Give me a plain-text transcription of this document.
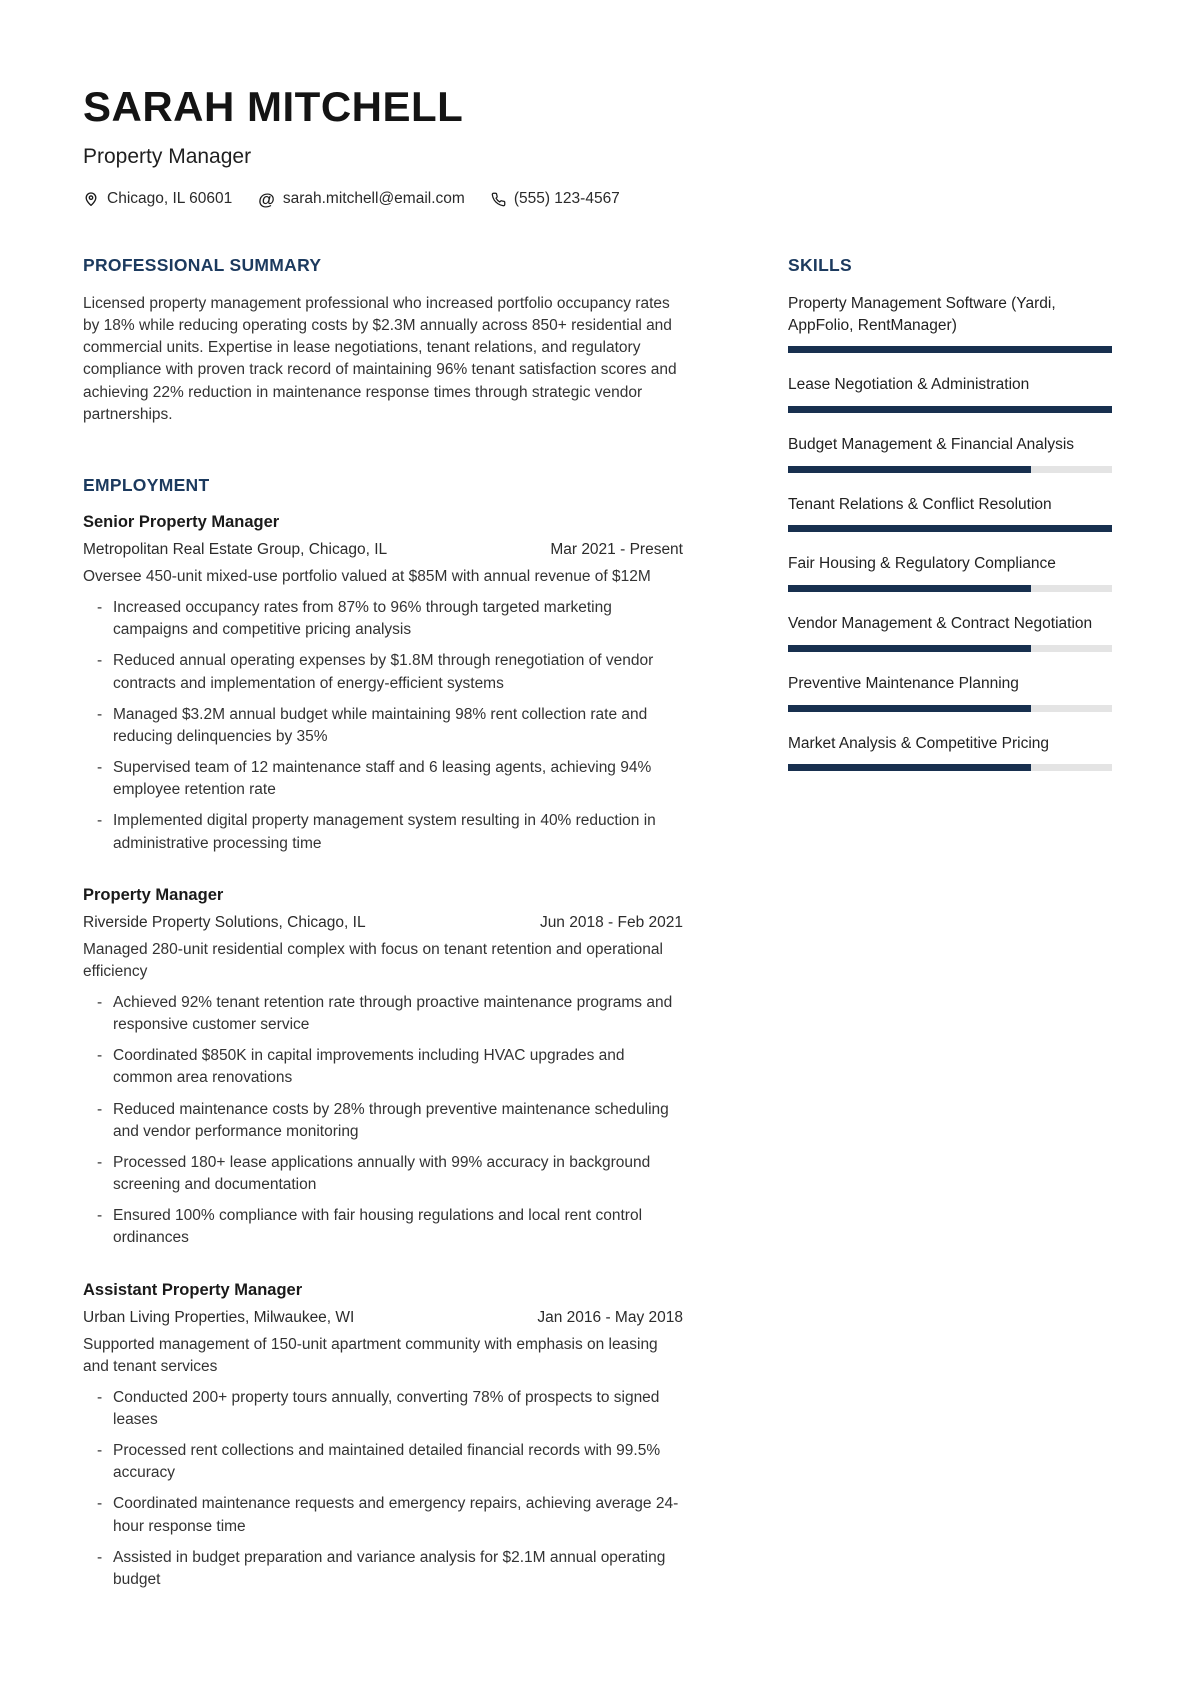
SARAH MITCHELL
Property Manager
Chicago, IL 60601 @ sarah.mitchell@email.com	(555) 123-4567
PROFESSIONAL SUMMARY

Licensed property management professional who increased portfolio occupancy rates by 18% while reducing operating costs by $2.3M annually across 850+ residential and commercial units. Expertise in lease negotiations, tenant relations, and regulatory compliance with proven track record of maintaining 96% tenant satisfaction scores and achieving 22% reduction in maintenance response times through strategic vendor partnerships.

EMPLOYMENT
Senior Property Manager
Metropolitan Real Estate Group, Chicago, IL	Mar 2021 - Present
Oversee 450-unit mixed-use portfolio valued at $85M with annual revenue of $12M
- Increased occupancy rates from 87% to 96% through targeted marketing campaigns and competitive pricing analysis
- Reduced annual operating expenses by $1.8M through renegotiation of vendor contracts and implementation of energy-efficient systems
- Managed $3.2M annual budget while maintaining 98% rent collection rate and reducing delinquencies by 35%
- Supervised team of 12 maintenance staff and 6 leasing agents, achieving 94% employee retention rate
- Implemented digital property management system resulting in 40% reduction in administrative processing time
Property Manager
Riverside Property Solutions, Chicago, IL	Jun 2018 - Feb 2021
Managed 280-unit residential complex with focus on tenant retention and operational efficiency
- Achieved 92% tenant retention rate through proactive maintenance programs and responsive customer service
- Coordinated $850K in capital improvements including HVAC upgrades and common area renovations
- Reduced maintenance costs by 28% through preventive maintenance scheduling and vendor performance monitoring
- Processed 180+ lease applications annually with 99% accuracy in background screening and documentation
- Ensured 100% compliance with fair housing regulations and local rent control ordinances
Assistant Property Manager
Urban Living Properties, Milwaukee, WI	Jan 2016 - May 2018
Supported management of 150-unit apartment community with emphasis on leasing and tenant services
- Conducted 200+ property tours annually, converting 78% of prospects to signed leases
- Processed rent collections and maintained detailed financial records with 99.5% accuracy
- Coordinated maintenance requests and emergency repairs, achieving average 24-hour response time
- Assisted in budget preparation and variance analysis for $2.1M annual operating budget
SKILLS
Property Management Software (Yardi, AppFolio, RentManager)
Lease Negotiation & Administration
Budget Management & Financial Analysis
Tenant Relations & Conflict Resolution
Fair Housing & Regulatory Compliance
Vendor Management & Contract Negotiation
Preventive Maintenance Planning
Market Analysis & Competitive Pricing
